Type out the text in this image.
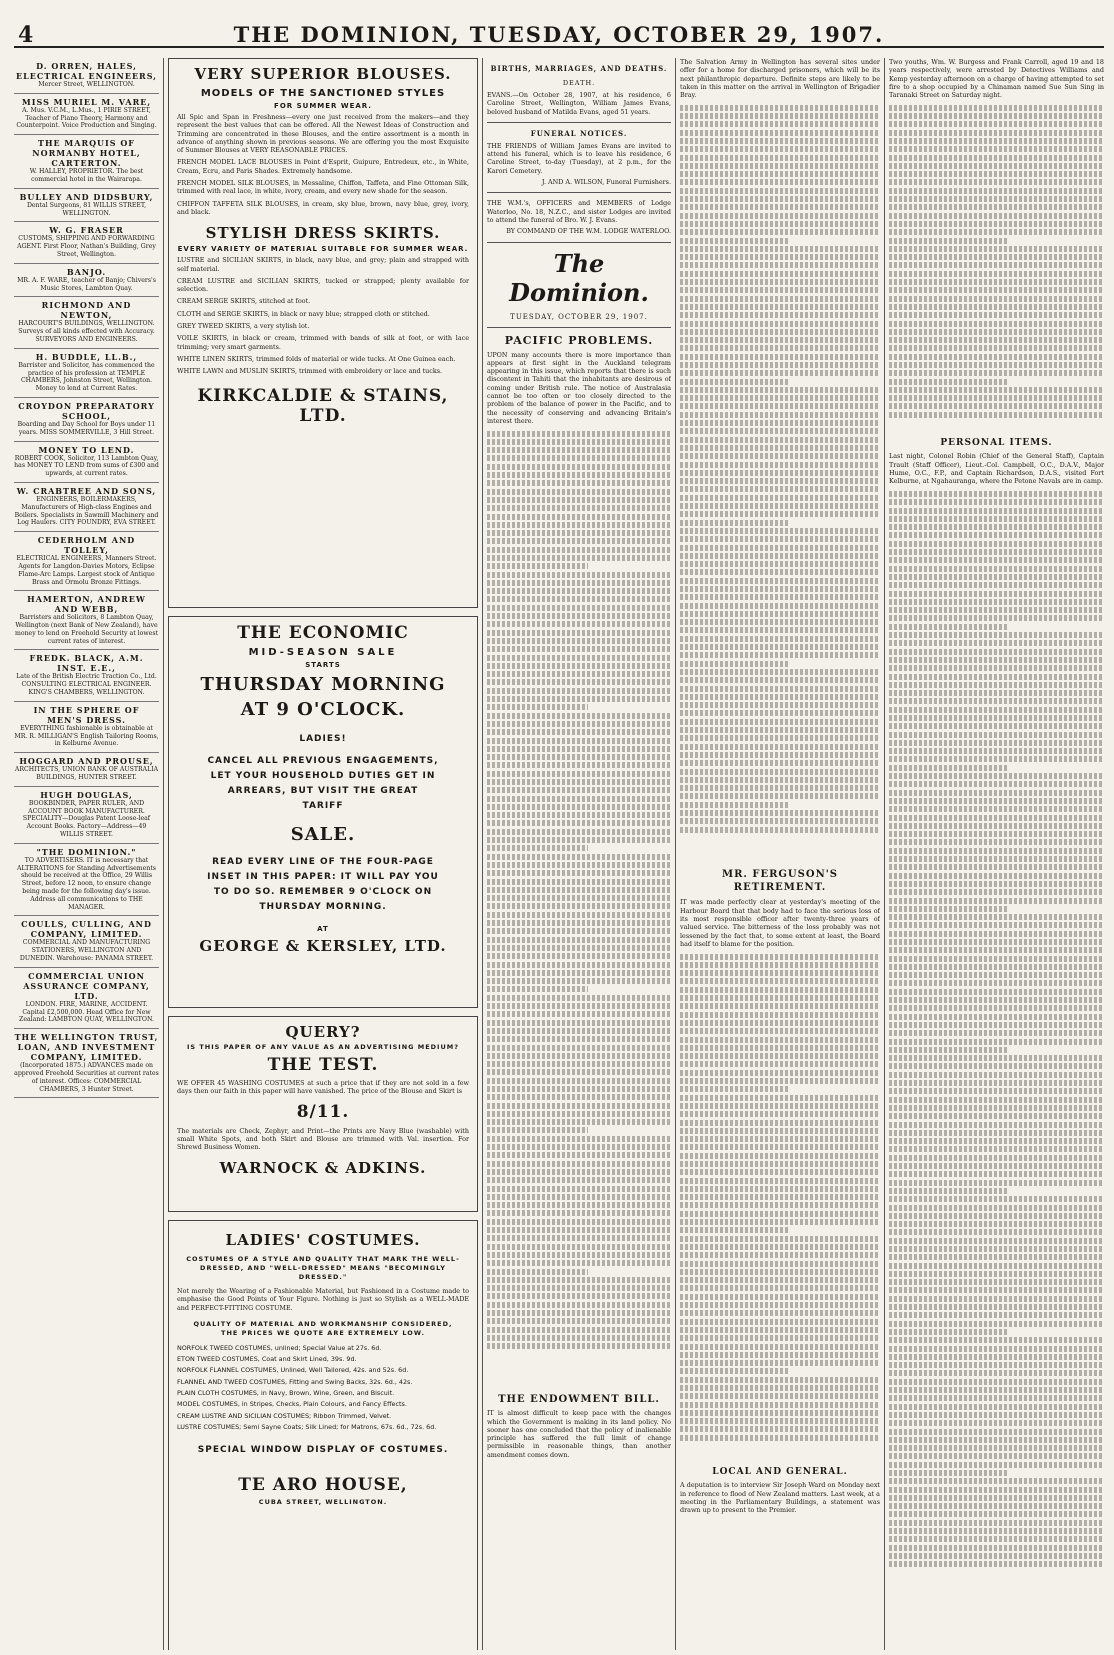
4	THE DOMINION, TUESDAY, OCTOBER 29, 1907.
D. ORREN, HALES, ELECTRICAL ENGINEERS,
Mercer Street, WELLINGTON.
MISS MURIEL M. VARE,
A. Mus. V.C.M., L.Mus., 1 PIRIE STREET, Teacher of Piano Theory, Harmony and Counterpoint. Voice Production and Singing.
THE MARQUIS OF NORMANBY HOTEL, CARTERTON.
W. HALLEY, PROPRIETOR. The best commercial hotel in the Wairarapa.
BULLEY AND DIDSBURY,
Dental Surgeons, 81 WILLIS STREET, WELLINGTON.
W. G. FRASER
CUSTOMS, SHIPPING AND FORWARDING AGENT. First Floor, Nathan's Building, Grey Street, Wellington.
BANJO.
MR. A. F. WARE, teacher of Banjo; Chivers's Music Stores, Lambton Quay.
RICHMOND AND NEWTON,
HARCOURT'S BUILDINGS, WELLINGTON. Surveys of all kinds effected with Accuracy. SURVEYORS AND ENGINEERS.
H. BUDDLE, LL.B.,
Barrister and Solicitor, has commenced the practice of his profession at TEMPLE CHAMBERS, Johnston Street, Wellington. Money to lend at Current Rates.
CROYDON PREPARATORY SCHOOL,
Boarding and Day School for Boys under 11 years. MISS SOMMERVILLE, 3 Hill Street.
MONEY TO LEND.
ROBERT COOK, Solicitor, 113 Lambton Quay, has MONEY TO LEND from sums of £300 and upwards, at current rates.
W. CRABTREE AND SONS,
ENGINEERS, BOILERMAKERS, Manufacturers of High-class Engines and Boilers. Specialists in Sawmill Machinery and Log Haulers. CITY FOUNDRY, EVA STREET.
CEDERHOLM AND TOLLEY,
ELECTRICAL ENGINEERS, Manners Street. Agents for Langdon-Davies Motors, Eclipse Flame-Arc Lamps. Largest stock of Antique Brass and Ormolu Bronze Fittings.
HAMERTON, ANDREW AND WEBB,
Barristers and Solicitors, 8 Lambton Quay, Wellington (next Bank of New Zealand), have money to lend on Freehold Security at lowest current rates of interest.
FREDK. BLACK, A.M. INST. E.E.,
Late of the British Electric Traction Co., Ltd. CONSULTING ELECTRICAL ENGINEER. KING'S CHAMBERS, WELLINGTON.
IN THE SPHERE OF MEN'S DRESS.
EVERYTHING fashionable is obtainable at MR. R. MILLIGAN'S English Tailoring Rooms, in Kelburne Avenue.
HOGGARD AND PROUSE,
ARCHITECTS, UNION BANK OF AUSTRALIA BUILDINGS, HUNTER STREET.
HUGH DOUGLAS,
BOOKBINDER, PAPER RULER, AND ACCOUNT BOOK MANUFACTURER. SPECIALITY—Douglas Patent Loose-leaf Account Books. Factory—Address—49 WILLIS STREET.
"THE DOMINION."
TO ADVERTISERS. IT is necessary that ALTERATIONS for Standing Advertisements should be received at the Office, 29 Willis Street, before 12 noon, to ensure change being made for the following day's issue. Address all communications to THE MANAGER.
COULLS, CULLING, AND COMPANY, LIMITED.
COMMERCIAL AND MANUFACTURING STATIONERS, WELLINGTON AND DUNEDIN. Warehouse: PANAMA STREET.
COMMERCIAL UNION ASSURANCE COMPANY, LTD.
LONDON. FIRE, MARINE, ACCIDENT. Capital £2,500,000. Head Office for New Zealand: LAMBTON QUAY, WELLINGTON.
THE WELLINGTON TRUST, LOAN, AND INVESTMENT COMPANY, LIMITED.
(Incorporated 1875.) ADVANCES made on approved Freehold Securities at current rates of interest. Offices: COMMERCIAL CHAMBERS, 3 Hunter Street.
VERY SUPERIOR BLOUSES.
MODELS OF THE SANCTIONED STYLES
FOR SUMMER WEAR.

All Spic and Span in Freshness—every one just received from the makers—and they represent the best values that can be offered. All the Newest Ideas of Construction and Trimming are concentrated in these Blouses, and the entire assortment is a month in advance of anything shown in previous seasons. We are offering you the most Exquisite of Summer Blouses at VERY REASONABLE PRICES.

FRENCH MODEL LACE BLOUSES in Point d'Esprit, Guipure, Entredeux, etc., in White, Cream, Ecru, and Paris Shades. Extremely handsome.

FRENCH MODEL SILK BLOUSES, in Messaline, Chiffon, Taffeta, and Fine Ottoman Silk, trimmed with real lace, in white, ivory, cream, and every new shade for the season.

CHIFFON TAFFETA SILK BLOUSES, in cream, sky blue, brown, navy blue, grey, ivory, and black.

STYLISH DRESS SKIRTS.
EVERY VARIETY OF MATERIAL SUITABLE FOR SUMMER WEAR.

LUSTRE and SICILIAN SKIRTS, in black, navy blue, and grey; plain and strapped with self material.

CREAM LUSTRE and SICILIAN SKIRTS, tucked or strapped; plenty available for selection.

CREAM SERGE SKIRTS, stitched at foot.

CLOTH and SERGE SKIRTS, in black or navy blue; strapped cloth or stitched.

GREY TWEED SKIRTS, a very stylish lot.

VOILE SKIRTS, in black or cream, trimmed with bands of silk at foot, or with lace trimming; very smart garments.

WHITE LINEN SKIRTS, trimmed folds of material or wide tucks. At One Guinea each.

WHITE LAWN and MUSLIN SKIRTS, trimmed with embroidery or lace and tucks.

KIRKCALDIE & STAINS, LTD.
THE ECONOMIC
MID-SEASON SALE
STARTS
THURSDAY MORNING
AT 9 O'CLOCK.
LADIES!
CANCEL ALL PREVIOUS ENGAGEMENTS, LET YOUR HOUSEHOLD DUTIES GET IN ARREARS, BUT VISIT THE GREAT TARIFF
SALE.
READ EVERY LINE OF THE FOUR-PAGE INSET IN THIS PAPER: IT WILL PAY YOU TO DO SO. REMEMBER 9 O'CLOCK ON THURSDAY MORNING.
AT
GEORGE & KERSLEY, LTD.
QUERY?
IS THIS PAPER OF ANY VALUE AS AN ADVERTISING MEDIUM?
THE TEST.

WE OFFER 45 WASHING COSTUMES at such a price that if they are not sold in a few days then our faith in this paper will have vanished. The price of the Blouse and Skirt is

8/11.

The materials are Check, Zephyr, and Print—the Prints are Navy Blue (washable) with small White Spots, and both Skirt and Blouse are trimmed with Val. insertion. For Shrewd Business Women.

WARNOCK & ADKINS.
LADIES' COSTUMES.
COSTUMES OF A STYLE AND QUALITY THAT MARK THE WELL-DRESSED, AND "WELL-DRESSED" MEANS "BECOMINGLY DRESSED."

Not merely the Wearing of a Fashionable Material, but Fashioned in a Costume made to emphasise the Good Points of Your Figure. Nothing is just so Stylish as a WELL-MADE and PERFECT-FITTING COSTUME.

QUALITY OF MATERIAL AND WORKMANSHIP CONSIDERED, THE PRICES WE QUOTE ARE EXTREMELY LOW.

NORFOLK TWEED COSTUMES, unlined; Special Value at 27s. 6d.

ETON TWEED COSTUMES, Coat and Skirt Lined, 39s. 9d.

NORFOLK FLANNEL COSTUMES, Unlined, Well Tailored, 42s. and 52s. 6d.

FLANNEL AND TWEED COSTUMES, Fitting and Swing Backs, 32s. 6d., 42s.

PLAIN CLOTH COSTUMES, in Navy, Brown, Wine, Green, and Biscuit.

MODEL COSTUMES, in Stripes, Checks, Plain Colours, and Fancy Effects.

CREAM LUSTRE AND SICILIAN COSTUMES; Ribbon Trimmed, Velvet.

LUSTRE COSTUMES; Semi Sayne Coats; Silk Lined; for Matrons, 67s. 6d., 72s. 6d.

SPECIAL WINDOW DISPLAY OF COSTUMES.
TE ARO HOUSE,
CUBA STREET, WELLINGTON.
BIRTHS, MARRIAGES, AND DEATHS.
DEATH.

EVANS.—On October 28, 1907, at his residence, 6 Caroline Street, Wellington, William James Evans, beloved husband of Matilda Evans, aged 51 years.

FUNERAL NOTICES.

THE FRIENDS of William James Evans are invited to attend his funeral, which is to leave his residence, 6 Caroline Street, to-day (Tuesday), at 2 p.m., for the Karori Cemetery.

J. AND A. WILSON, Funeral Furnishers.

THE W.M.'s, OFFICERS and MEMBERS of Lodge Waterloo, No. 18, N.Z.C., and sister Lodges are invited to attend the funeral of Bro. W. J. Evans.

BY COMMAND OF THE W.M. LODGE WATERLOO.

The Dominion.
TUESDAY, OCTOBER 29, 1907.
PACIFIC PROBLEMS.

UPON many accounts there is more importance than appears at first sight in the Auckland telegram appearing in this issue, which reports that there is such discontent in Tahiti that the inhabitants are desirous of coming under British rule. The notice of Australasia cannot be too often or too closely directed to the problem of the balance of power in the Pacific, and to the necessity of conserving and advancing Britain's interest there.

THE ENDOWMENT BILL.

IT is almost difficult to keep pace with the changes which the Government is making in its land policy. No sooner has one concluded that the policy of inalienable principle has suffered the full limit of change permissible in reasonable things, than another amendment comes down.

The Salvation Army in Wellington has several sites under offer for a home for discharged prisoners, which will be its next philanthropic departure. Definite steps are likely to be taken in this matter on the arrival in Wellington of Brigadier Bray.

MR. FERGUSON'S RETIREMENT.

IT was made perfectly clear at yesterday's meeting of the Harbour Board that that body had to face the serious loss of its most responsible officer after twenty-three years of valued service. The bitterness of the loss probably was not lessened by the fact that, to some extent at least, the Board had itself to blame for the position.

LOCAL AND GENERAL.

A deputation is to interview Sir Joseph Ward on Monday next in reference to flood of New Zealand matters. Last week, at a meeting in the Parliamentary Buildings, a statement was drawn up to present to the Premier.

Two youths, Wm. W. Burgess and Frank Carroll, aged 19 and 18 years respectively, were arrested by Detectives Williams and Kemp yesterday afternoon on a charge of having attempted to set fire to a shop occupied by a Chinaman named Sue Sun Sing in Taranaki Street on Saturday night.

PERSONAL ITEMS.

Last night, Colonel Robin (Chief of the General Staff), Captain Trault (Staff Officer), Lieut.-Col. Campbell, O.C., D.A.V., Major Hume, O.C., F.P., and Captain Richardson, D.A.S., visited Fort Kelburne, at Ngahauranga, where the Petone Navals are in camp.
